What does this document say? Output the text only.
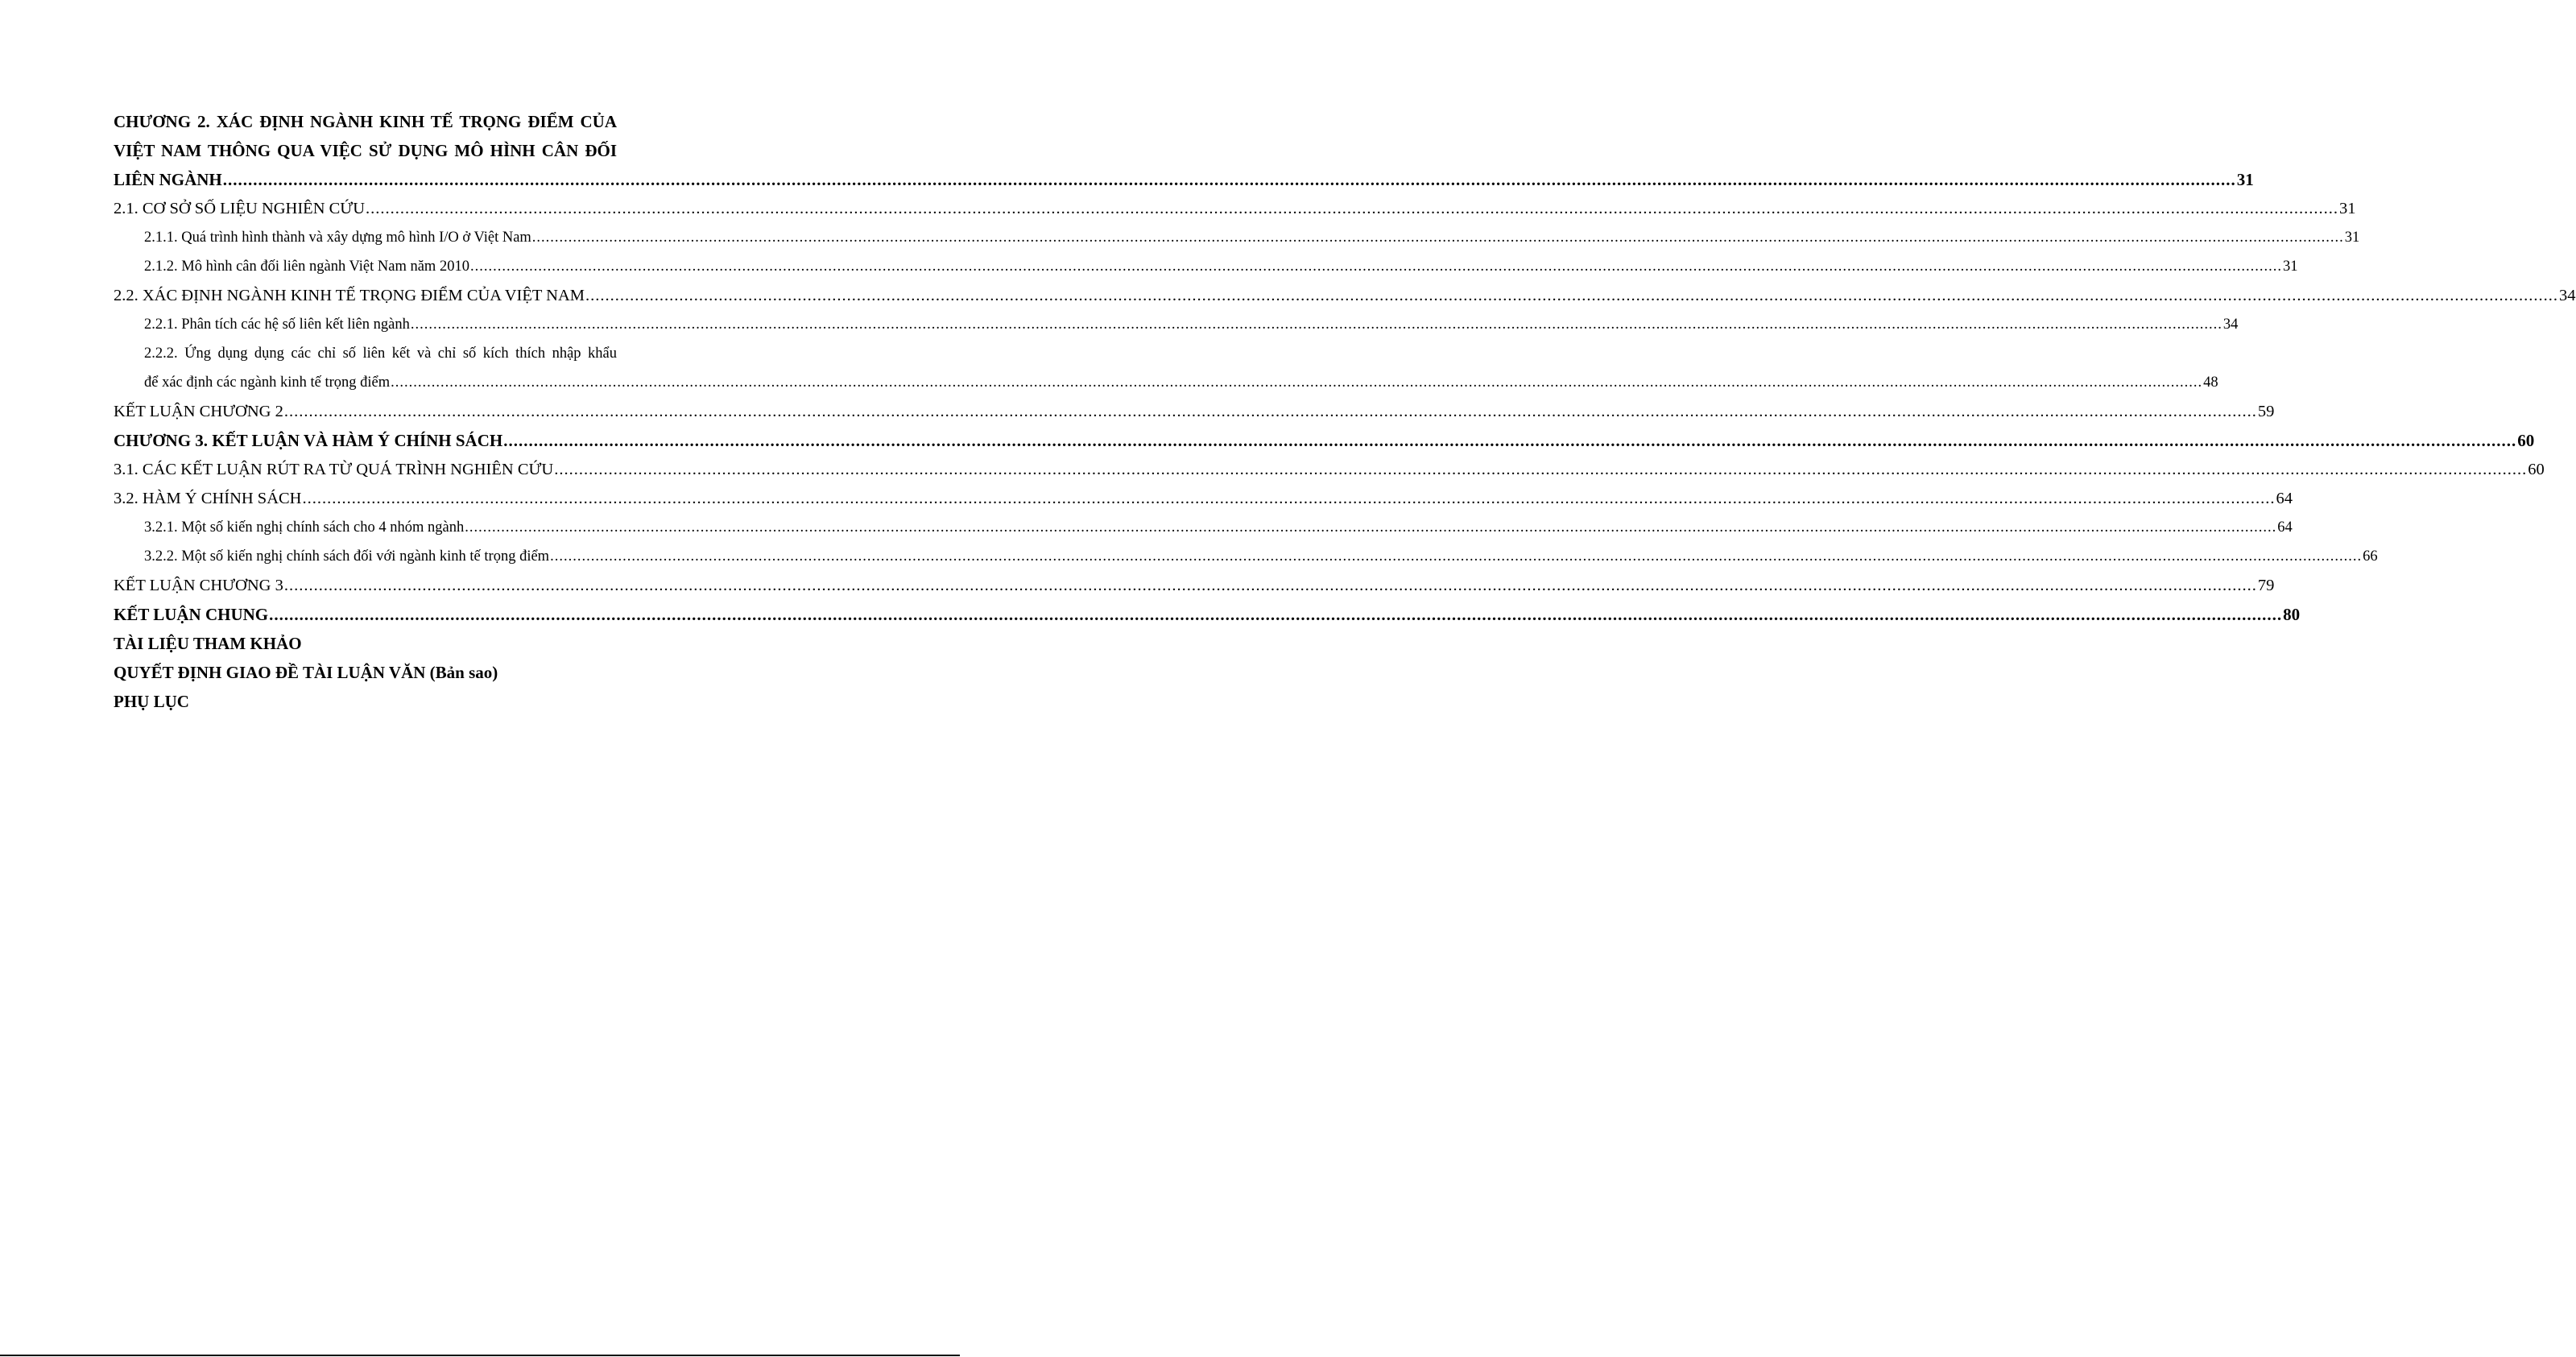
CHƯƠNG 2. XÁC ĐỊNH NGÀNH KINH TẾ TRỌNG ĐIỂM CỦA
VIỆT NAM THÔNG QUA VIỆC SỬ DỤNG MÔ HÌNH CÂN ĐỐI
LIÊN NGÀNH ................................................................................................................................................................................................................................................................................................................................................................................................................ 31
2.1. CƠ SỞ SỐ LIỆU NGHIÊN CỨU ................................................................................................................................................................................................................................................................................................................................................................................................................ 31
2.1.1. Quá trình hình thành và xây dựng mô hình I/O ở Việt Nam ................................................................................................................................................................................................................................................................................................................................................................................................................ 31
2.1.2. Mô hình cân đối liên ngành Việt Nam năm 2010 ................................................................................................................................................................................................................................................................................................................................................................................................................ 31
2.2. XÁC ĐỊNH NGÀNH KINH TẾ TRỌNG ĐIỂM CỦA VIỆT NAM ................................................................................................................................................................................................................................................................................................................................................................................................................ 34
2.2.1. Phân tích các hệ số liên kết liên ngành ................................................................................................................................................................................................................................................................................................................................................................................................................ 34
2.2.2. Ứng dụng dụng các chỉ số liên kết và chỉ số kích thích nhập khẩu
để xác định các ngành kinh tế trọng điểm ................................................................................................................................................................................................................................................................................................................................................................................................................ 48
KẾT LUẬN CHƯƠNG 2 ................................................................................................................................................................................................................................................................................................................................................................................................................ 59
CHƯƠNG 3. KẾT LUẬN VÀ HÀM Ý CHÍNH SÁCH ................................................................................................................................................................................................................................................................................................................................................................................................................ 60
3.1. CÁC KẾT LUẬN RÚT RA TỪ QUÁ TRÌNH NGHIÊN CỨU ................................................................................................................................................................................................................................................................................................................................................................................................................ 60
3.2. HÀM Ý CHÍNH SÁCH ................................................................................................................................................................................................................................................................................................................................................................................................................ 64
3.2.1. Một số kiến nghị chính sách cho 4 nhóm ngành ................................................................................................................................................................................................................................................................................................................................................................................................................ 64
3.2.2. Một số kiến nghị chính sách đối với ngành kinh tế trọng điểm ................................................................................................................................................................................................................................................................................................................................................................................................................ 66
KẾT LUẬN CHƯƠNG 3 ................................................................................................................................................................................................................................................................................................................................................................................................................ 79
KẾT LUẬN CHUNG ................................................................................................................................................................................................................................................................................................................................................................................................................ 80
TÀI LIỆU THAM KHẢO
QUYẾT ĐỊNH GIAO ĐỀ TÀI LUẬN VĂN (Bản sao)
PHỤ LỤC
